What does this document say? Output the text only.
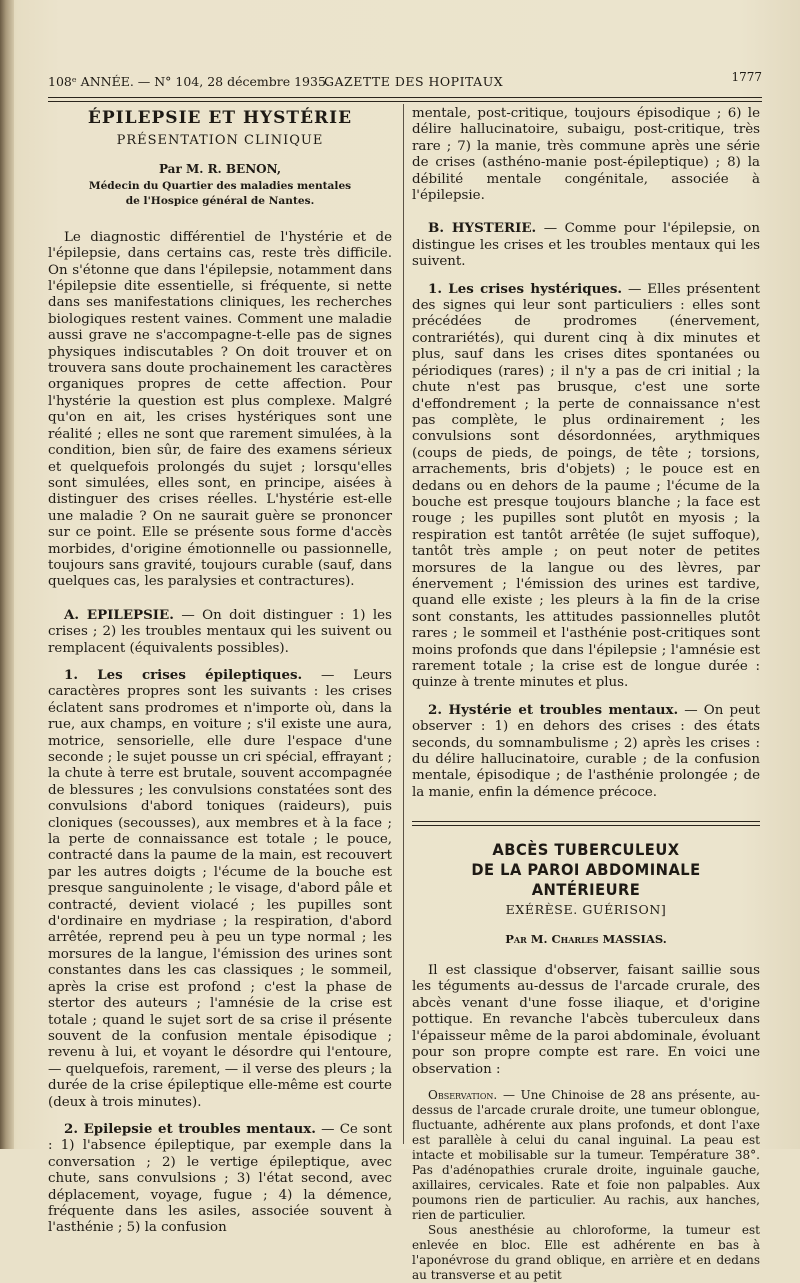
108ᵉ ANNÉE. — N° 104, 28 décembre 1935.
GAZETTE DES HOPITAUX	1777

ÉPILEPSIE ET HYSTÉRIE

PRÉSENTATION CLINIQUE

Par M. R. BENON,

Médecin du Quartier des maladies mentales

de l'Hospice général de Nantes.

Le diagnostic différentiel de l'hystérie et de l'épilepsie, dans certains cas, reste très difficile. On s'étonne que dans l'épilepsie, notamment dans l'épilepsie dite essentielle, si fréquente, si nette dans ses manifestations cliniques, les recherches biologiques restent vaines. Comment une maladie aussi grave ne s'accompagne-t-elle pas de signes physiques indiscutables ? On doit trouver et on trouvera sans doute prochainement les caractères organiques propres de cette affection. Pour l'hystérie la question est plus complexe. Malgré qu'on en ait, les crises hystériques sont une réalité ; elles ne sont que rarement simulées, à la condition, bien sûr, de faire des examens sérieux et quelquefois prolongés du sujet ; lorsqu'elles sont simulées, elles sont, en principe, aisées à distinguer des crises réelles. L'hystérie est-elle une maladie ? On ne saurait guère se prononcer sur ce point. Elle se présente sous forme d'accès morbides, d'origine émotionnelle ou passionnelle, toujours sans gravité, toujours curable (sauf, dans quelques cas, les paralysies et contractures).

A. EPILEPSIE. — On doit distinguer : 1) les crises ; 2) les troubles mentaux qui les suivent ou remplacent (équivalents possibles).

1. Les crises épileptiques. — Leurs caractères propres sont les suivants : les crises éclatent sans prodromes et n'importe où, dans la rue, aux champs, en voiture ; s'il existe une aura, motrice, sensorielle, elle dure l'espace d'une seconde ; le sujet pousse un cri spécial, effrayant ; la chute à terre est brutale, souvent accompagnée de blessures ; les convulsions constatées sont des convulsions d'abord toniques (raideurs), puis cloniques (secousses), aux membres et à la face ; la perte de connaissance est totale ; le pouce, contracté dans la paume de la main, est recouvert par les autres doigts ; l'écume de la bouche est presque sanguinolente ; le visage, d'abord pâle et contracté, devient violacé ; les pupilles sont d'ordinaire en mydriase ; la respiration, d'abord arrêtée, reprend peu à peu un type normal ; les morsures de la langue, l'émission des urines sont constantes dans les cas classiques ; le sommeil, après la crise est profond ; c'est la phase de stertor des auteurs ; l'amnésie de la crise est totale ; quand le sujet sort de sa crise il présente souvent de la confusion mentale épisodique ; revenu à lui, et voyant le désordre qui l'entoure, — quelquefois, rarement, — il verse des pleurs ; la durée de la crise épileptique elle-même est courte (deux à trois minutes).

2. Epilepsie et troubles mentaux. — Ce sont : 1) l'absence épileptique, par exemple dans la conversation ; 2) le vertige épileptique, avec chute, sans convulsions ; 3) l'état second, avec déplacement, voyage, fugue ; 4) la démence, fréquente dans les asiles, associée souvent à l'asthénie ; 5) la confusion

mentale, post-critique, toujours épisodique ; 6) le délire hallucinatoire, subaigu, post-critique, très rare ; 7) la manie, très commune après une série de crises (asthéno-manie post-épileptique) ; 8) la débilité mentale congénitale, associée à l'épilepsie.

B. HYSTERIE. — Comme pour l'épilepsie, on distingue les crises et les troubles mentaux qui les suivent.

1. Les crises hystériques. — Elles présentent des signes qui leur sont particuliers : elles sont précédées de prodromes (énervement, contrariétés), qui durent cinq à dix minutes et plus, sauf dans les crises dites spontanées ou périodiques (rares) ; il n'y a pas de cri initial ; la chute n'est pas brusque, c'est une sorte d'effondrement ; la perte de connaissance n'est pas complète, le plus ordinairement ; les convulsions sont désordonnées, arythmiques (coups de pieds, de poings, de tête ; torsions, arrachements, bris d'objets) ; le pouce est en dedans ou en dehors de la paume ; l'écume de la bouche est presque toujours blanche ; la face est rouge ; les pupilles sont plutôt en myosis ; la respiration est tantôt arrêtée (le sujet suffoque), tantôt très ample ; on peut noter de petites morsures de la langue ou des lèvres, par énervement ; l'émission des urines est tardive, quand elle existe ; les pleurs à la fin de la crise sont constants, les attitudes passionnelles plutôt rares ; le sommeil et l'asthénie post-critiques sont moins profonds que dans l'épilepsie ; l'amnésie est rarement totale ; la crise est de longue durée : quinze à trente minutes et plus.

2. Hystérie et troubles mentaux. — On peut observer : 1) en dehors des crises : des états seconds, du somnambulisme ; 2) après les crises : du délire hallucinatoire, curable ; de la confusion mentale, épisodique ; de l'asthénie prolongée ; de la manie, enfin la démence précoce.

ABCÈS TUBERCULEUX

DE LA PAROI ABDOMINALE ANTÉRIEURE

EXÉRÈSE. GUÉRISON]

Par M. Charles MASSIAS.

Il est classique d'observer, faisant saillie sous les téguments au-dessus de l'arcade crurale, des abcès venant d'une fosse iliaque, et d'origine pottique. En revanche l'abcès tuberculeux dans l'épaisseur même de la paroi abdominale, évoluant pour son propre compte est rare. En voici une observation :

Observation. — Une Chinoise de 28 ans présente, au-dessus de l'arcade crurale droite, une tumeur oblongue, fluctuante, adhérente aux plans profonds, et dont l'axe est parallèle à celui du canal inguinal. La peau est intacte et mobilisable sur la tumeur. Température 38°. Pas d'adénopathies crurale droite, inguinale gauche, axillaires, cervicales. Rate et foie non palpables. Aux poumons rien de particulier. Au rachis, aux hanches, rien de particulier.

Sous anesthésie au chloroforme, la tumeur est enlevée en bloc. Elle est adhérente en bas à l'aponévrose du grand oblique, en arrière et en dedans au transverse et au petit
